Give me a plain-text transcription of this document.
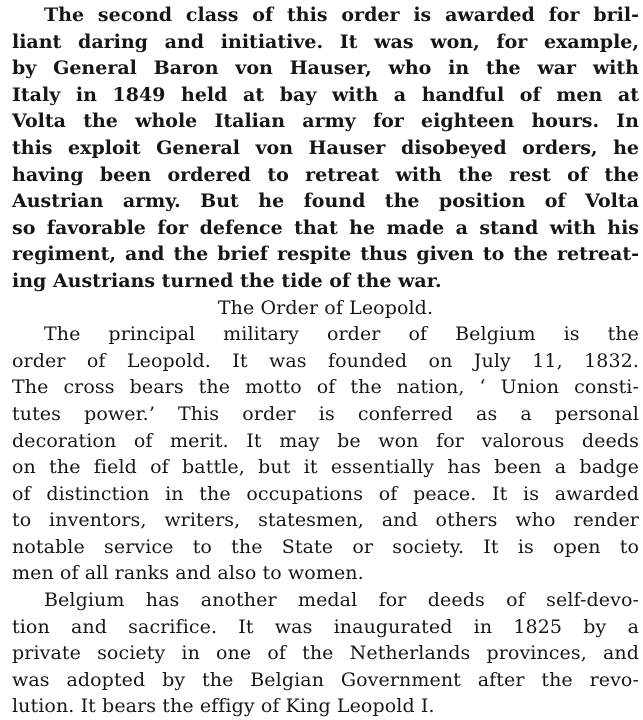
The second class of this order is awarded for bril-
liant daring and initiative. It was won, for example,
by General Baron von Hauser, who in the war with
Italy in 1849 held at bay with a handful of men at
Volta the whole Italian army for eighteen hours. In
this exploit General von Hauser disobeyed orders, he
having been ordered to retreat with the rest of the
Austrian army. But he found the position of Volta
so favorable for defence that he made a stand with his
regiment, and the brief respite thus given to the retreat-
ing Austrians turned the tide of the war.
The Order of Leopold.
The principal military order of Belgium is the
order of Leopold. It was founded on July 11, 1832.
The cross bears the motto of the nation, ‘ Union consti-
tutes power.’ This order is conferred as a personal
decoration of merit. It may be won for valorous deeds
on the field of battle, but it essentially has been a badge
of distinction in the occupations of peace. It is awarded
to inventors, writers, statesmen, and others who render
notable service to the State or society. It is open to
men of all ranks and also to women.
Belgium has another medal for deeds of self-devo-
tion and sacrifice. It was inaugurated in 1825 by a
private society in one of the Netherlands provinces, and
was adopted by the Belgian Government after the revo-
lution. It bears the effigy of King Leopold I.
